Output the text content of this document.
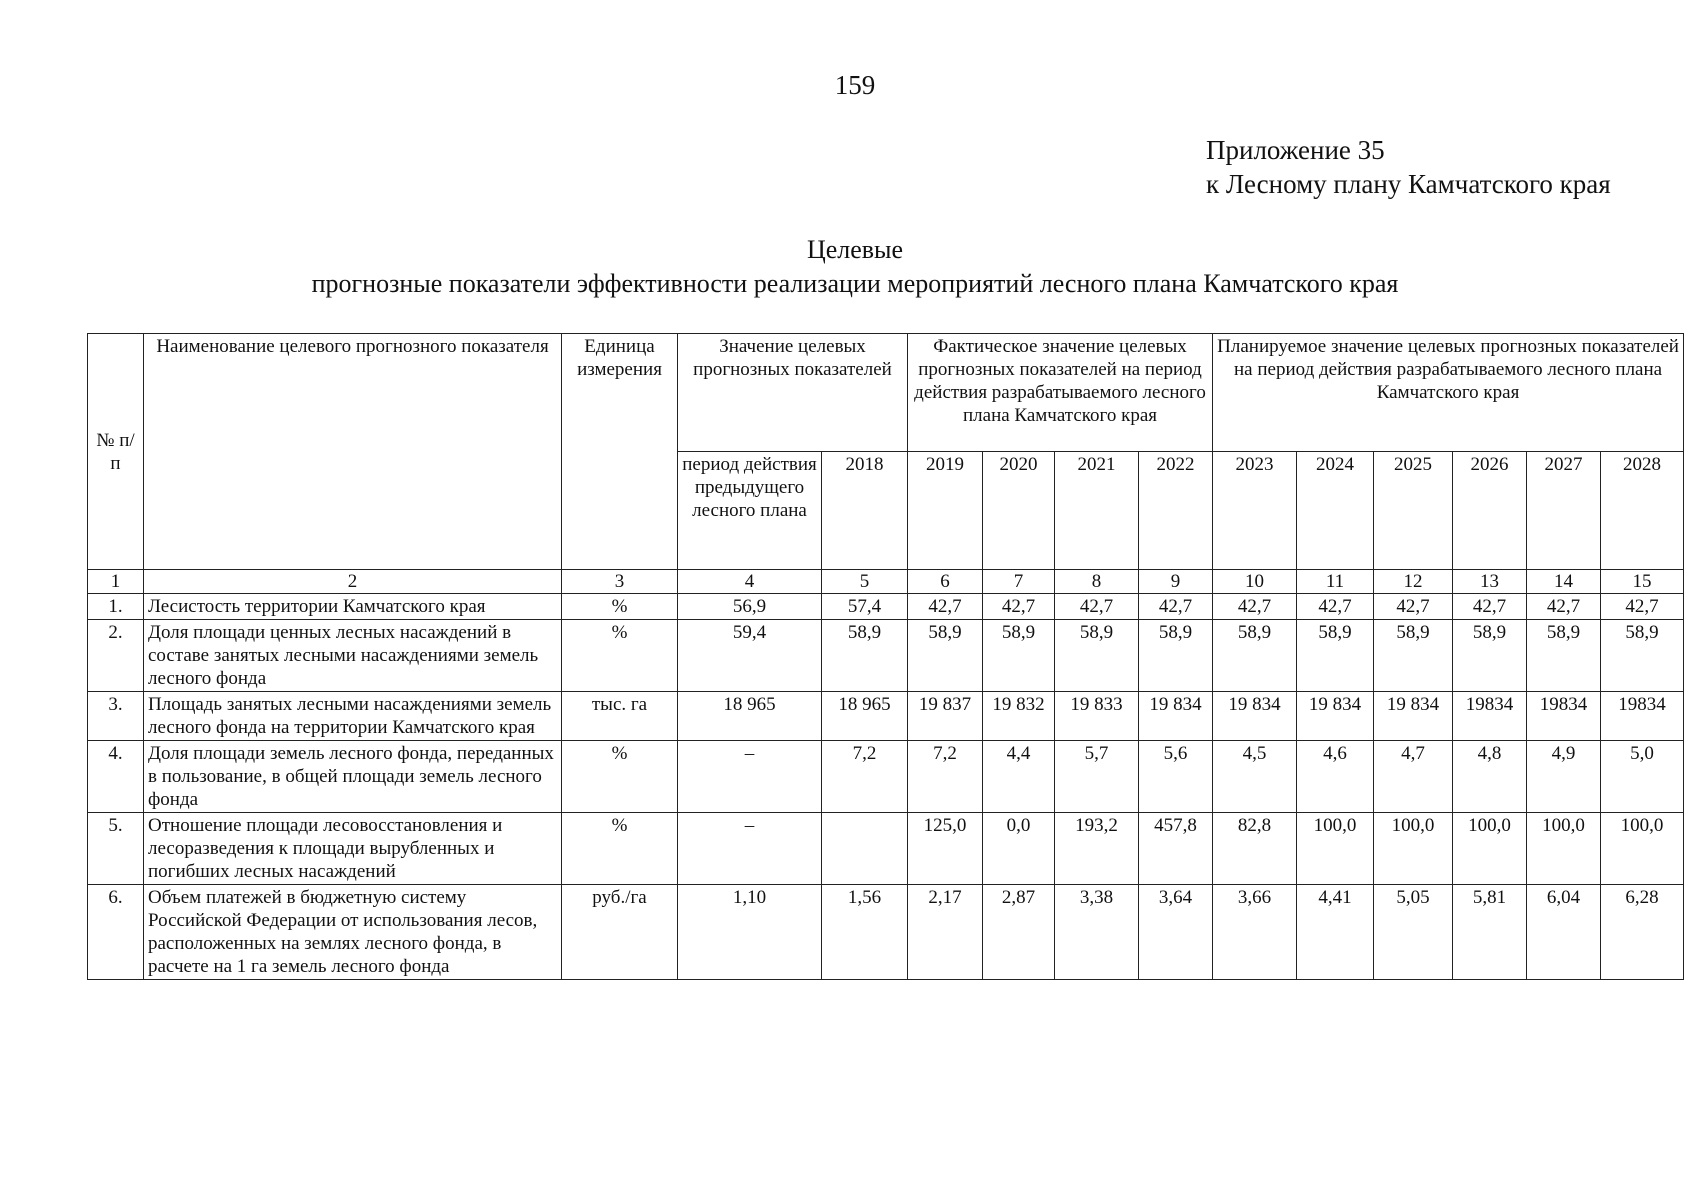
159
Приложение 35
к Лесному плану Камчатского края
Целевые
прогнозные показатели эффективности реализации мероприятий лесного плана Камчатского края
№ п/п	Наименование целевого прогнозного показателя	Единица измерения	Значение целевых прогнозных показателей		Фактическое значение целевых прогнозных показателей на период действия разрабатываемого лесного плана Камчатского края				Планируемое значение целевых прогнозных показателей на период действия разрабатываемого лесного плана Камчатского края					
			период действия предыдущего лесного плана	2018	2019	2020	2021	2022	2023	2024	2025	2026	2027	2028
1	2	3	4	5	6	7	8	9	10	11	12	13	14	15
1.	Лесистость территории Камчатского края	%	56,9	57,4	42,7	42,7	42,7	42,7	42,7	42,7	42,7	42,7	42,7	42,7
2.	Доля площади ценных лесных насаждений в составе занятых лесными насаждениями земель лесного фонда	%	59,4	58,9	58,9	58,9	58,9	58,9	58,9	58,9	58,9	58,9	58,9	58,9
3.	Площадь занятых лесными насаждениями земель лесного фонда на территории Камчатского края	тыс. га	18 965	18 965	19 837	19 832	19 833	19 834	19 834	19 834	19 834	19834	19834	19834
4.	Доля площади земель лесного фонда, переданных в пользование, в общей площади земель лесного фонда	%	–	7,2	7,2	4,4	5,7	5,6	4,5	4,6	4,7	4,8	4,9	5,0
5.	Отношение площади лесовосстановления и лесоразведения к площади вырубленных и погибших лесных насаждений	%	–		125,0	0,0	193,2	457,8	82,8	100,0	100,0	100,0	100,0	100,0
6.	Объем платежей в бюджетную систему Российской Федерации от использования лесов, расположенных на землях лесного фонда, в расчете на 1 га земель лесного фонда	руб./га	1,10	1,56	2,17	2,87	3,38	3,64	3,66	4,41	5,05	5,81	6,04	6,28
